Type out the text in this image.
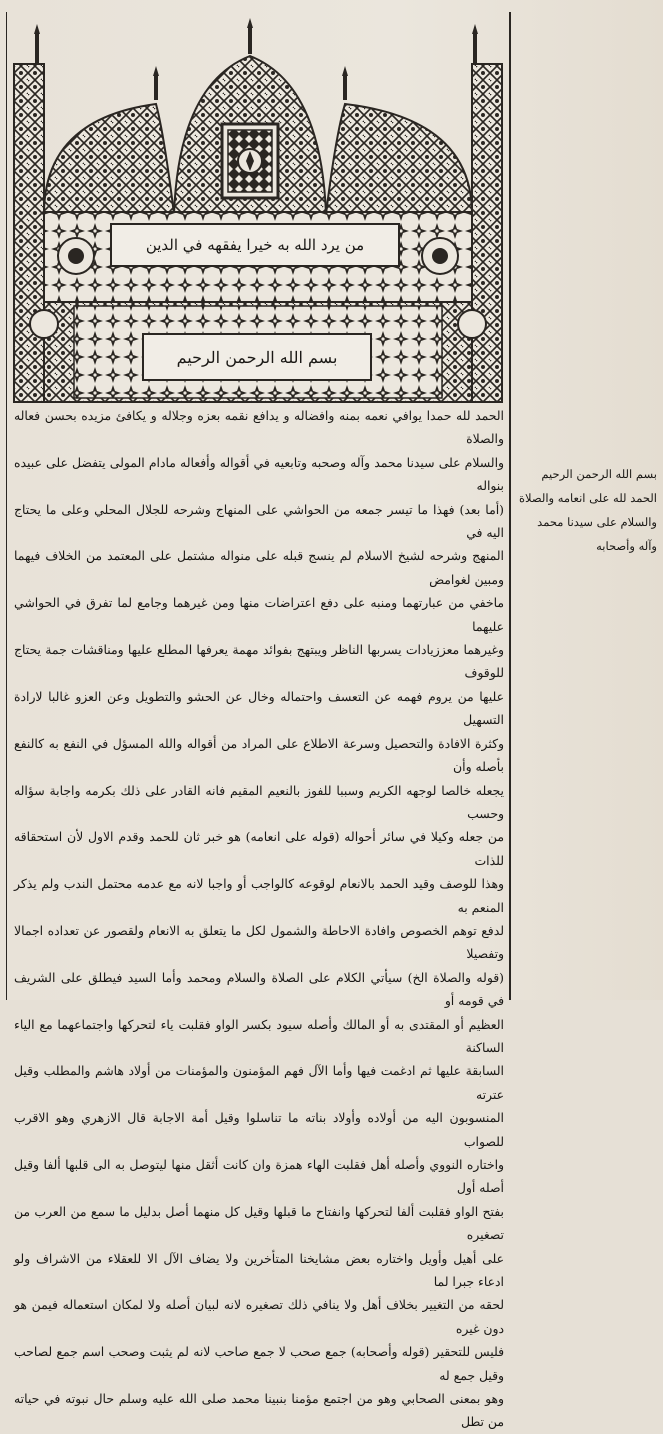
من يرد الله به خيرا يفقهه في الدين
بسم الله الرحمن الرحيم

الحمد لله حمدا يوافي نعمه بمنه وافضاله و يدافع نقمه بعزه وجلاله و يكافئ مزيده بحسن فعاله والصلاة

والسلام على سيدنا محمد وآله وصحبه وتابعيه في أقواله وأفعاله مادام المولى يتفضل على عبيده بنواله

(أما بعد) فهذا ما تيسر جمعه من الحواشي على المنهاج وشرحه للجلال المحلي وعلى ما يحتاج اليه في

المنهج وشرحه لشيخ الاسلام لم ينسج قبله على منواله مشتمل على المعتمد من الخلاف فيهما ومبين لغوامض

ماخفي من عبارتهما ومنبه على دفع اعتراضات منها ومن غيرهما وجامع لما تفرق في الحواشي عليهما

وغيرهما معززيادات يسربها الناظر ويبتهج بفوائد مهمة يعرفها المطلع عليها ومناقشات جمة يحتاج للوقوف

عليها من يروم فهمه عن التعسف واحتماله وخال عن الحشو والتطويل وعن العزو غالبا لارادة التسهيل

وكثرة الافادة والتحصيل وسرعة الاطلاع على المراد من أقواله والله المسؤل في النفع به كالنفع بأصله وأن

يجعله خالصا لوجهه الكريم وسببا للفوز بالنعيم المقيم فانه القادر على ذلك بكرمه واجابة سؤاله وحسب

من جعله وكيلا في سائر أحواله (قوله على انعامه) هو خبر ثان للحمد وقدم الاول لأن استحقاقه للذات

وهذا للوصف وقيد الحمد بالانعام لوقوعه كالواجب أو واجبا لانه مع عدمه محتمل الندب ولم يذكر المنعم به

لدفع توهم الخصوص وافادة الاحاطة والشمول لكل ما يتعلق به الانعام ولقصور عن تعداده اجمالا وتفصيلا

(قوله والصلاة الخ) سيأتي الكلام على الصلاة والسلام ومحمد وأما السيد فيطلق على الشريف في قومه أو

العظيم أو المقتدى به أو المالك وأصله سيود بكسر الواو فقلبت ياء لتحركها واجتماعهما مع الياء الساكنة

السابقة عليها ثم ادغمت فيها وأما الآل فهم المؤمنون والمؤمنات من أولاد هاشم والمطلب وقيل عترته

المنسوبون اليه من أولاده وأولاد بناته ما تناسلوا وقيل أمة الاجابة قال الازهري وهو الاقرب للصواب

واختاره النووي وأصله أهل فقلبت الهاء همزة وان كانت أثقل منها ليتوصل به الى قلبها ألفا وقيل أصله أول

بفتح الواو فقلبت ألفا لتحركها وانفتاح ما قبلها وقيل كل منهما أصل بدليل ما سمع من العرب من تصغيره

على أهيل وأويل واختاره بعض مشايخنا المتأخرين ولا يضاف الآل الا للعقلاء من الاشراف ولو ادعاء جبرا لما

لحقه من التغيير بخلاف أهل ولا ينافي ذلك تصغيره لانه لبيان أصله ولا لمكان استعماله فيمن هو دون غيره

فليس للتحقير (قوله وأصحابه) جمع صحب لا جمع صاحب لانه لم يثبت وصحب اسم جمع لصاحب وقيل جمع له

وهو بمعنى الصحابي وهو من اجتمع مؤمنا بنبينا محمد صلى الله عليه وسلم حال نبوته في حياته من تطل

بسم الله الرحمن الرحيم

الحمد لله على انعامه والصلاة

والسلام على سيدنا محمد

وآله وأصحابه
